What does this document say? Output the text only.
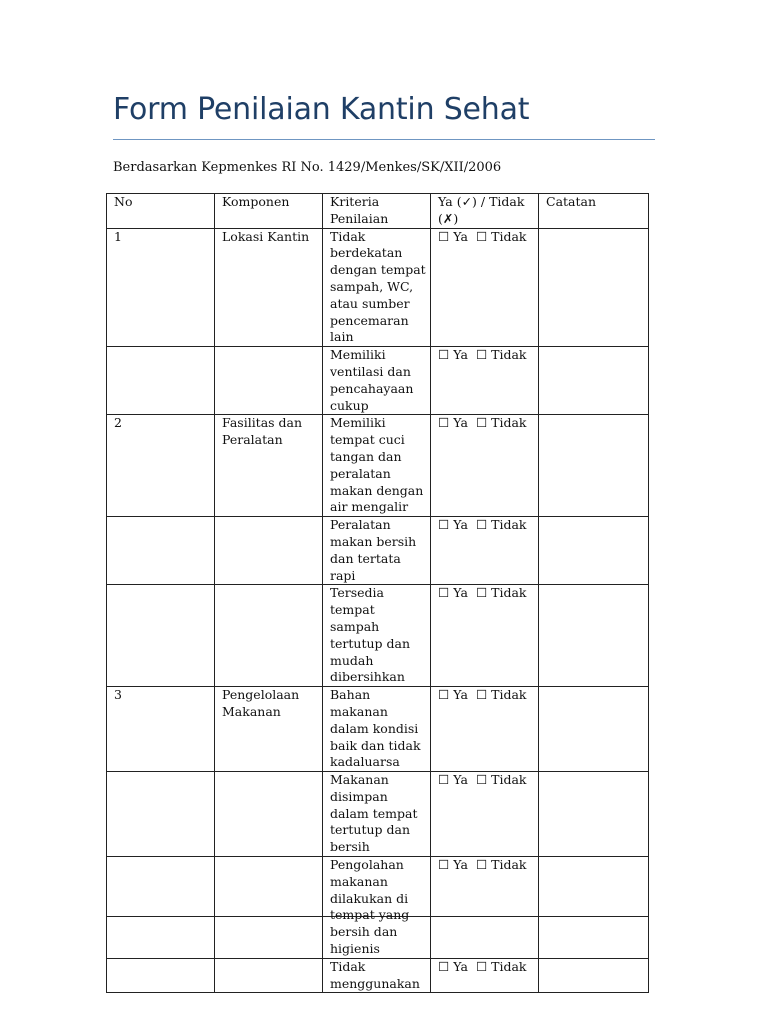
Form Penilaian Kantin Sehat
Berdasarkan Kepmenkes RI No. 1429/Menkes/SK/XII/2006
No	Komponen	Kriteria Penilaian	Ya (✓) / Tidak (✗)	Catatan
1	Lokasi Kantin	Tidak berdekatan dengan tempat sampah, WC, atau sumber pencemaran lain	☐ Ya ☐ Tidak	
		Memiliki ventilasi dan pencahayaan cukup	☐ Ya ☐ Tidak	
2	Fasilitas dan Peralatan	Memiliki tempat cuci tangan dan peralatan makan dengan air mengalir	☐ Ya ☐ Tidak	
		Peralatan makan bersih dan tertata rapi	☐ Ya ☐ Tidak	
		Tersedia tempat sampah tertutup dan mudah dibersihkan	☐ Ya ☐ Tidak	
3	Pengelolaan Makanan	Bahan makanan dalam kondisi baik dan tidak kadaluarsa	☐ Ya ☐ Tidak	
		Makanan disimpan dalam tempat tertutup dan bersih	☐ Ya ☐ Tidak	
		Pengolahan makanan dilakukan di tempat yang bersih dan higienis	☐ Ya ☐ Tidak	
		Tidak menggunakan	☐ Ya ☐ Tidak	
